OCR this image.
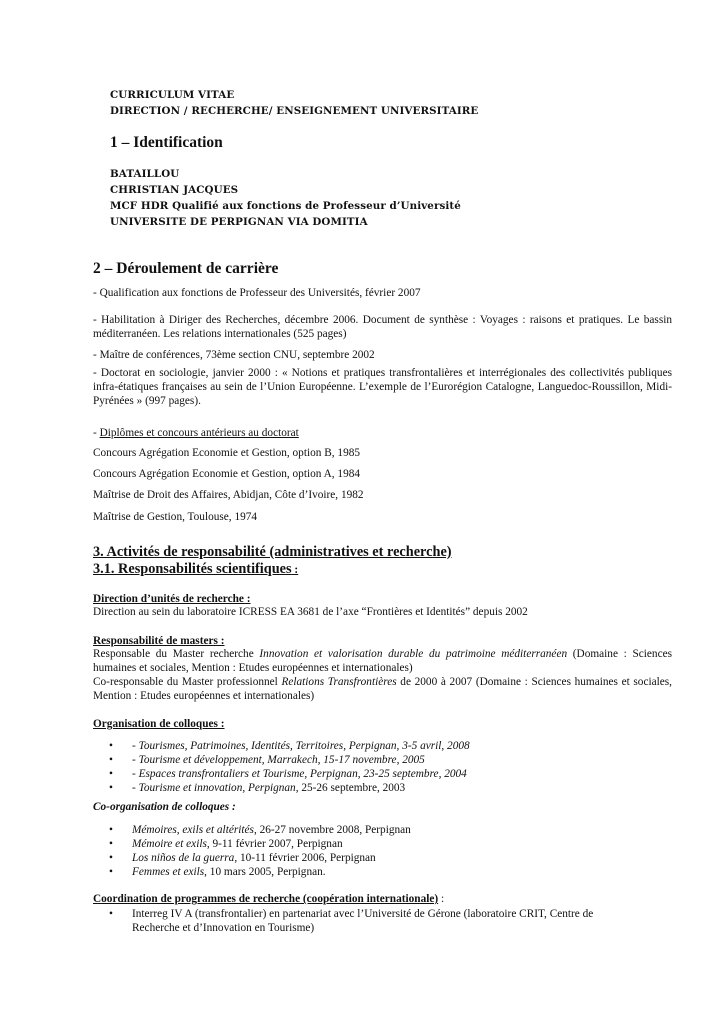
CURRICULUM VITAE
DIRECTION / RECHERCHE/ ENSEIGNEMENT UNIVERSITAIRE
1 – Identification
BATAILLOU
CHRISTIAN JACQUES
MCF HDR Qualifié aux fonctions de Professeur d’Université
UNIVERSITE DE PERPIGNAN VIA DOMITIA
2 – Déroulement de carrière
- Qualification aux fonctions de Professeur des Universités, février 2007
- Habilitation à Diriger des Recherches, décembre 2006. Document de synthèse : Voyages : raisons et pratiques. Le bassin méditerranéen. Les relations internationales (525 pages)
- Maître de conférences, 73ème section CNU, septembre 2002
- Doctorat en sociologie, janvier 2000 : « Notions et pratiques transfrontalières et interrégionales des collectivités publiques infra-étatiques françaises au sein de l’Union Européenne. L’exemple de l’Eurorégion Catalogne, Languedoc-Roussillon, Midi-Pyrénées » (997 pages).
- Diplômes et concours antérieurs au doctorat
Concours Agrégation Economie et Gestion, option B, 1985
Concours Agrégation Economie et Gestion, option A, 1984
Maîtrise de Droit des Affaires, Abidjan, Côte d’Ivoire, 1982
Maîtrise de Gestion, Toulouse, 1974
3. Activités de responsabilité (administratives et recherche)
3.1. Responsabilités scientifiques :
Direction d’unités de recherche :
Direction au sein du laboratoire ICRESS EA 3681 de l’axe “Frontières et Identités” depuis 2002
Responsabilité de masters :
Responsable du Master recherche Innovation et valorisation durable du patrimoine méditerranéen (Domaine : Sciences humaines et sociales, Mention : Etudes européennes et internationales)
Co-responsable du Master professionnel Relations Transfrontières de 2000 à 2007 (Domaine : Sciences humaines et sociales, Mention : Etudes européennes et internationales)
Organisation de colloques :
• - Tourismes, Patrimoines, Identités, Territoires, Perpignan, 3-5 avril, 2008
• - Tourisme et développement, Marrakech, 15-17 novembre, 2005
• - Espaces transfrontaliers et Tourisme, Perpignan, 23-25 septembre, 2004
• - Tourisme et innovation, Perpignan, 25-26 septembre, 2003
Co-organisation de colloques :
• Mémoires, exils et altérités, 26-27 novembre 2008, Perpignan
• Mémoire et exils, 9-11 février 2007, Perpignan
• Los niños de la guerra, 10-11 février 2006, Perpignan
• Femmes et exils, 10 mars 2005, Perpignan.
Coordination de programmes de recherche (coopération internationale) :
• Interreg IV A (transfrontalier) en partenariat avec l’Université de Gérone (laboratoire CRIT, Centre de Recherche et d’Innovation en Tourisme)
